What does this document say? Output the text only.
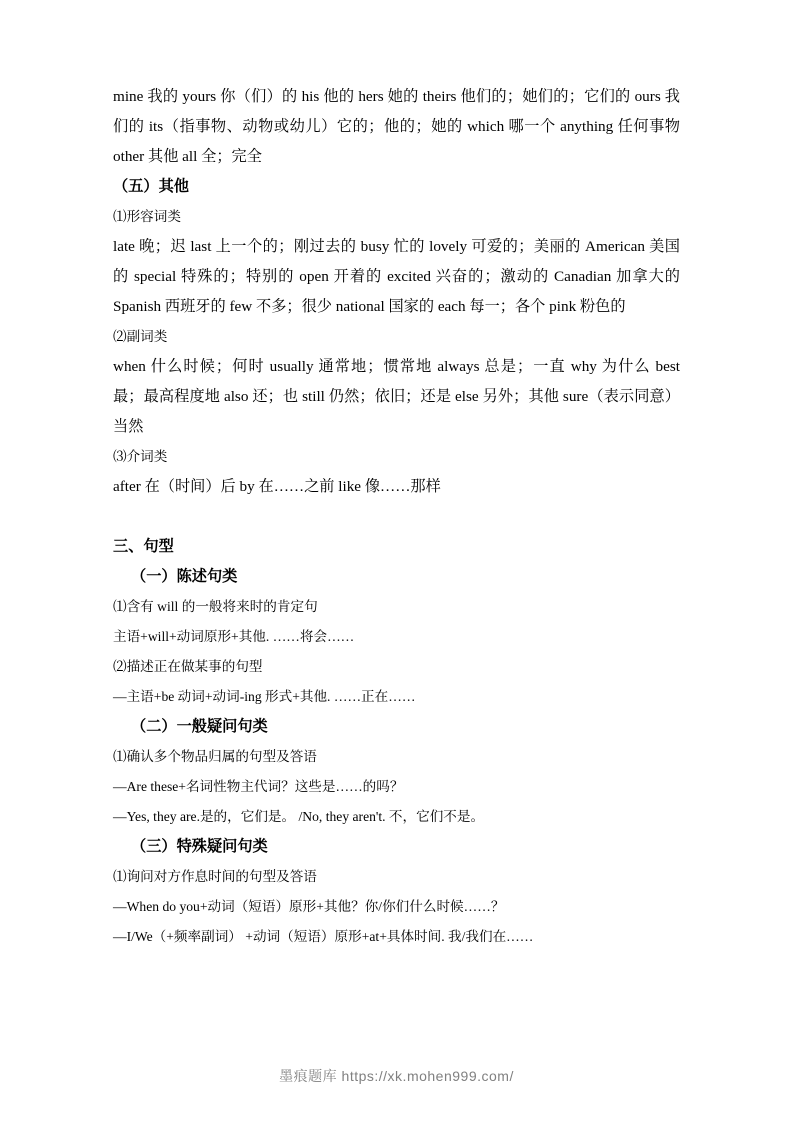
mine 我的 yours 你（们）的 his 他的 hers 她的 theirs 他们的；她们的；它们的 ours 我们的 its（指事物、动物或幼儿）它的；他的；她的 which 哪一个 anything 任何事物 other 其他 all 全；完全

（五）其他

⑴形容词类

late 晚；迟 last 上一个的；刚过去的 busy 忙的 lovely 可爱的；美丽的 American 美国的 special 特殊的；特别的 open 开着的 excited 兴奋的；激动的 Canadian 加拿大的 Spanish 西班牙的 few 不多；很少 national 国家的 each 每一；各个 pink 粉色的

⑵副词类

when 什么时候；何时 usually 通常地；惯常地 always 总是；一直 why 为什么 best 最；最高程度地 also 还；也 still 仍然；依旧；还是 else 另外；其他 sure（表示同意）当然

⑶介词类

after 在（时间）后 by 在……之前 like 像……那样

三、句型

（一）陈述句类

⑴含有 will 的一般将来时的肯定句

主语+will+动词原形+其他. ……将会……

⑵描述正在做某事的句型

—主语+be 动词+动词-ing 形式+其他. ……正在……

（二）一般疑问句类

⑴确认多个物品归属的句型及答语

—Are these+名词性物主代词？这些是……的吗？

—Yes, they are.是的，它们是。 /No, they aren't. 不，它们不是。

（三）特殊疑问句类

⑴询问对方作息时间的句型及答语

—When do you+动词（短语）原形+其他？你/你们什么时候……？

—I/We（+频率副词） +动词（短语）原形+at+具体时间. 我/我们在……

墨痕题库 https://xk.mohen999.com/
